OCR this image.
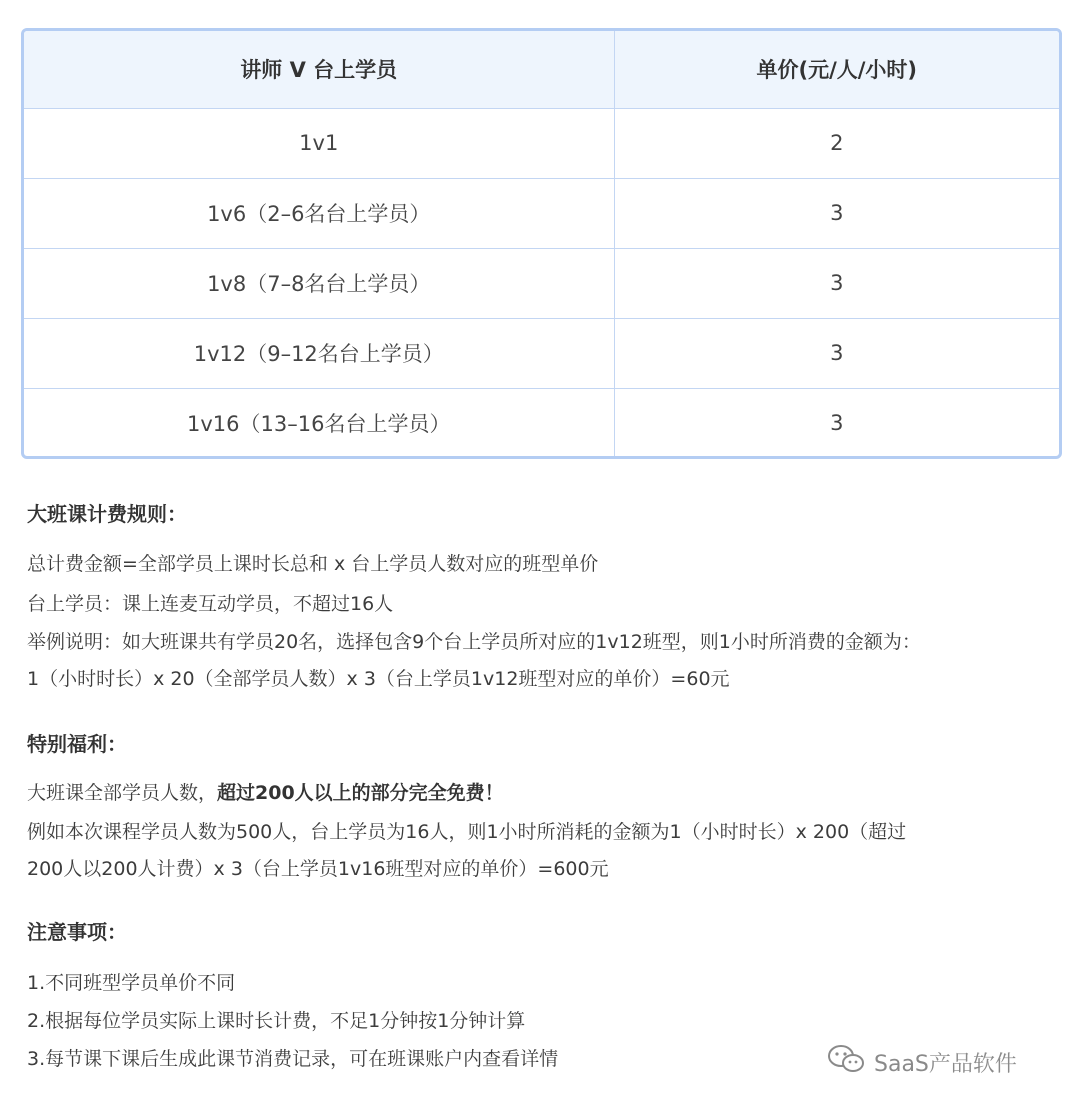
讲师 V 台上学员	单价(元/人/小时)
1v1	2
1v6（2–6名台上学员）	3
1v8（7–8名台上学员）	3
1v12（9–12名台上学员）	3
1v16（13–16名台上学员）	3
大班课计费规则：
总计费金额=全部学员上课时长总和 x 台上学员人数对应的班型单价
台上学员：课上连麦互动学员，不超过16人
举例说明：如大班课共有学员20名，选择包含9个台上学员所对应的1v12班型，则1小时所消费的金额为：
1（小时时长）x 20（全部学员人数）x 3（台上学员1v12班型对应的单价）=60元
特别福利：
大班课全部学员人数，超过200人以上的部分完全免费！
例如本次课程学员人数为500人，台上学员为16人，则1小时所消耗的金额为1（小时时长）x 200（超过
200人以200人计费）x 3（台上学员1v16班型对应的单价）=600元
注意事项：
1.不同班型学员单价不同
2.根据每位学员实际上课时长计费，不足1分钟按1分钟计算
3.每节课下课后生成此课节消费记录，可在班课账户内查看详情	SaaS产品软件
